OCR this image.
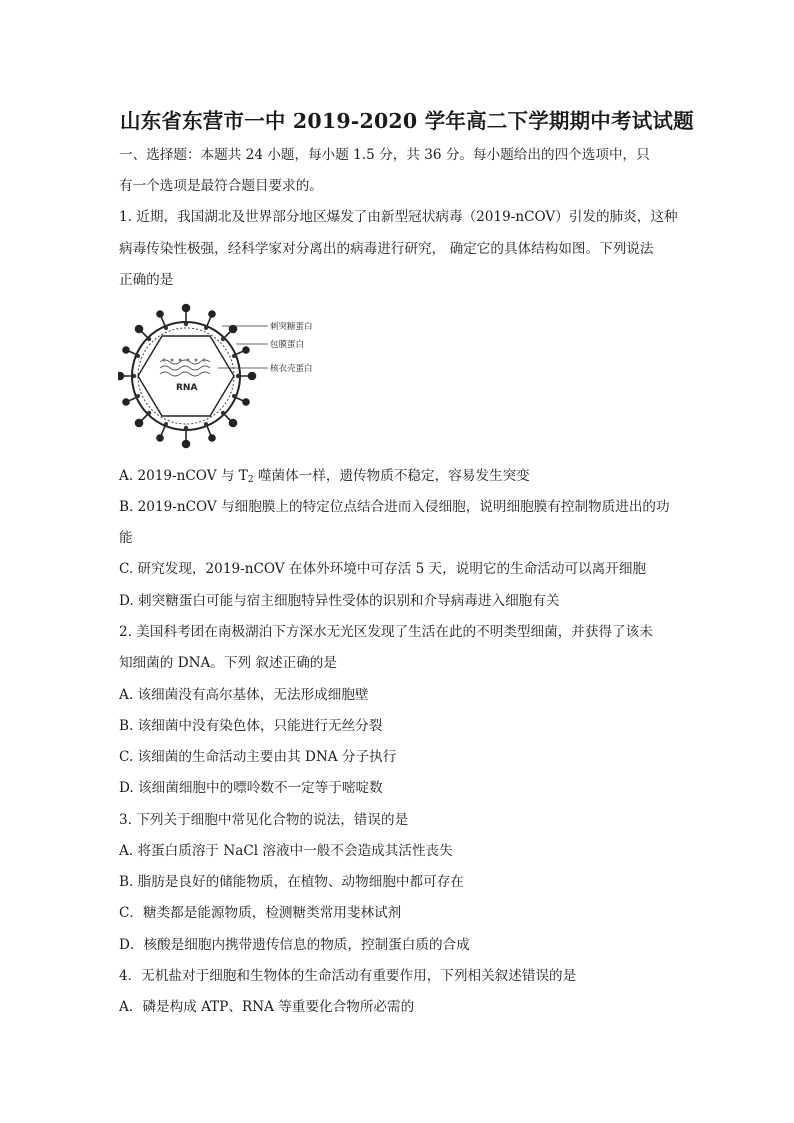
山东省东营市一中 2019-2020 学年高二下学期期中考试试题
一、选择题：本题共 24 小题，每小题 1.5 分，共 36 分。每小题给出的四个选项中，只
有一个选项是最符合题目要求的。
1. 近期，我国湖北及世界部分地区爆发了由新型冠状病毒（2019-nCOV）引发的肺炎，这种
病毒传染性极强，经科学家对分离出的病毒进行研究， 确定它的具体结构如图。下列说法
正确的是
RNA
刺突糖蛋白
包膜蛋白
核衣壳蛋白
A. 2019-nCOV 与 $T_2$ 噬菌体一样，遗传物质不稳定，容易发生突变
B. 2019-nCOV 与细胞膜上的特定位点结合进而入侵细胞，说明细胞膜有控制物质进出的功
能
C. 研究发现，2019-nCOV 在体外环境中可存活 5 天，说明它的生命活动可以离开细胞
D. 刺突糖蛋白可能与宿主细胞特异性受体的识别和介导病毒进入细胞有关
2. 美国科考团在南极湖泊下方深水无光区发现了生活在此的不明类型细菌，并获得了该未
知细菌的 DNA。下列 叙述正确的是
A. 该细菌没有高尔基体，无法形成细胞壁
B. 该细菌中没有染色体，只能进行无丝分裂
C. 该细菌的生命活动主要由其 DNA 分子执行
D. 该细菌细胞中的嘌呤数不一定等于嘧啶数
3. 下列关于细胞中常见化合物的说法，错误的是
A. 将蛋白质溶于 NaCl 溶液中一般不会造成其活性丧失
B. 脂肪是良好的储能物质，在植物、动物细胞中都可存在
C．糖类都是能源物质，检测糖类常用斐林试剂
D．核酸是细胞内携带遗传信息的物质，控制蛋白质的合成
4．无机盐对于细胞和生物体的生命活动有重要作用，下列相关叙述错误的是
A．磷是构成 ATP、RNA 等重要化合物所必需的
